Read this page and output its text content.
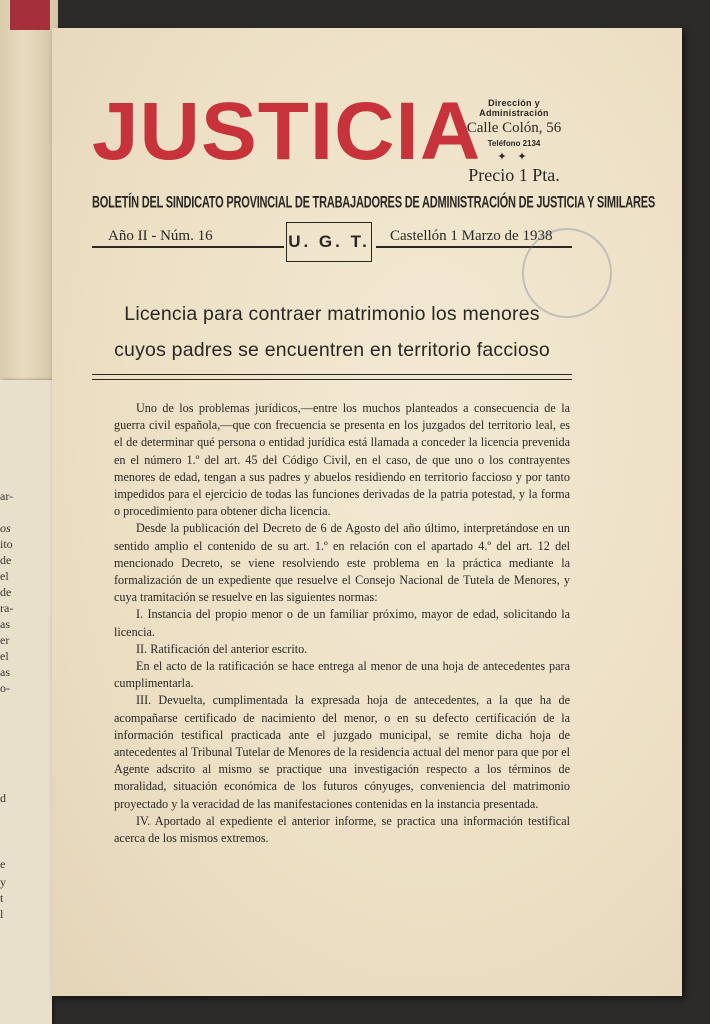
ar-
os
ito
de
el
de
ra-
as
er
el
as
o-
d
e
y
t
l
JUSTICIA Dirección y Administración
Calle Colón, 56
Teléfono 2134
✦ ✦
Precio 1 Pta.
BOLETÍN DEL SINDICATO PROVINCIAL DE TRABAJADORES DE ADMINISTRACIÓN DE JUSTICIA Y SIMILARES
Año II - Núm. 16	U. G. T. Castellón 1 Marzo de 1938
Licencia para contraer matrimonio los menores
cuyos padres se encuentren en territorio faccioso

Uno de los problemas jurídicos,—entre los muchos planteados a consecuencia de la guerra civil española,—que con frecuencia se presenta en los juzgados del territorio leal, es el de determinar qué persona o entidad jurídica está llamada a conceder la licencia prevenida en el número 1.º del art. 45 del Código Civil, en el caso, de que uno o los contrayentes menores de edad, tengan a sus padres y abuelos residiendo en territorio faccioso y por tanto impedidos para el ejercicio de todas las funciones derivadas de la patria potestad, y la forma o procedimiento para obtener dicha licencia.

Desde la publicación del Decreto de 6 de Agosto del año último, interpretándose en un sentido amplio el contenido de su art. 1.º en relación con el apartado 4.º del art. 12 del mencionado Decreto, se viene resolviendo este problema en la práctica mediante la formalización de un expediente que resuelve el Consejo Nacional de Tutela de Menores, y cuya tramitación se resuelve en las siguientes normas:

I. Instancia del propio menor o de un familiar próximo, mayor de edad, solicitando la licencia.

II. Ratificación del anterior escrito.

En el acto de la ratificación se hace entrega al menor de una hoja de antecedentes para cumplimentarla.

III. Devuelta, cumplimentada la expresada hoja de antecedentes, a la que ha de acompañarse certificado de nacimiento del menor, o en su defecto certificación de la información testifical practicada ante el juzgado municipal, se remite dicha hoja de antecedentes al Tribunal Tutelar de Menores de la residencia actual del menor para que por el Agente adscrito al mismo se practique una investigación respecto a los términos de moralidad, situación económica de los futuros cónyuges, conveniencia del matrimonio proyectado y la veracidad de las manifestaciones contenidas en la instancia presentada.

IV. Aportado al expediente el anterior informe, se practica una información testifical acerca de los mismos extremos.
